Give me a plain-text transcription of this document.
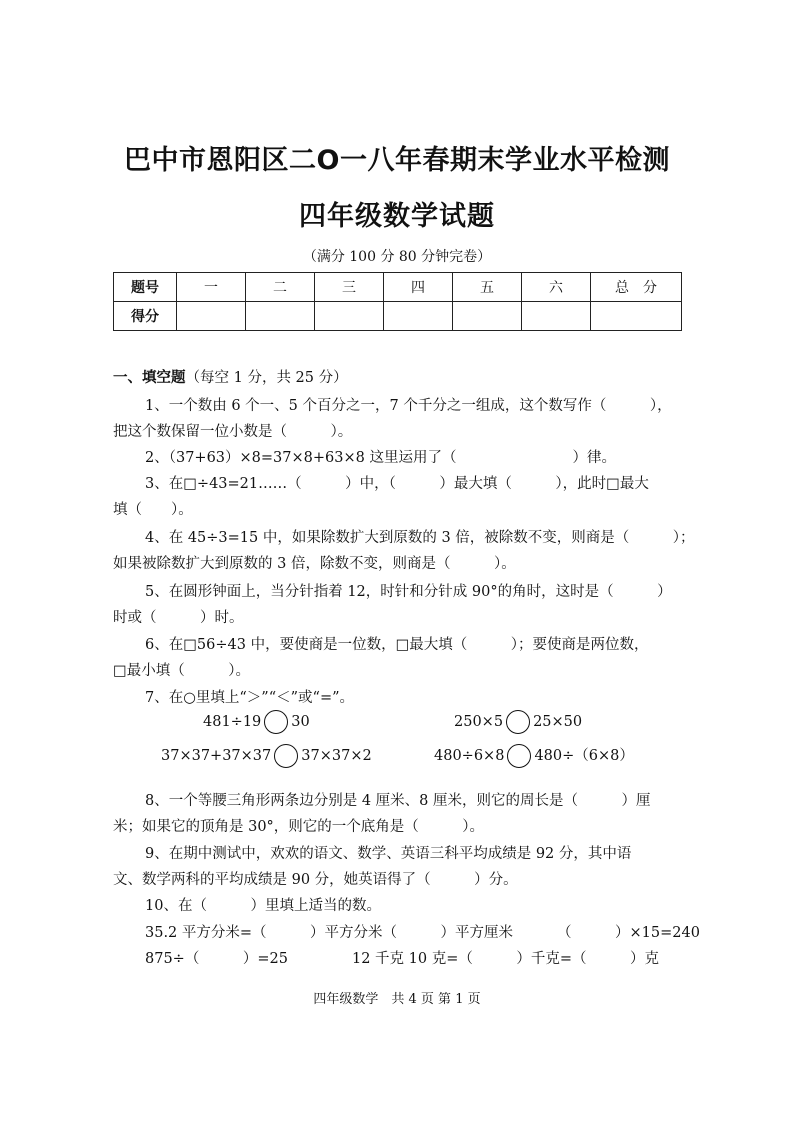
巴中市恩阳区二O一八年春期末学业水平检测
四年级数学试题
（满分 100 分 80 分钟完卷）
题号	一	二	三	四	五	六	总　分
得分							
一、填空题（每空 1 分，共 25 分）
1、一个数由 6 个一、5 个百分之一，7 个千分之一组成，这个数写作（　　　），
把这个数保留一位小数是（　　　）。
2、（37+63）×8=37×8+63×8 这里运用了（　　　　　　　　）律。
3、在□÷43=21……（　　　）中，（　　　）最大填（　　　），此时□最大
填（　　）。
4、在 45÷3=15 中，如果除数扩大到原数的 3 倍，被除数不变，则商是（　　　）；
如果被除数扩大到原数的 3 倍，除数不变，则商是（　　　）。
5、在圆形钟面上，当分针指着 12，时针和分针成 90°的角时，这时是（　　　）
时或（　　　）时。
6、在□56÷43 中，要使商是一位数，□最大填（　　　）；要使商是两位数，
□最小填（　　　）。
7、在○里填上“＞”“＜”或“=”。
481÷19 30	250×5 25×50
37×37+37×37 37×37×2	480÷6×8 480÷（6×8）
8、一个等腰三角形两条边分别是 4 厘米、8 厘米，则它的周长是（　　　）厘
米；如果它的顶角是 30°，则它的一个底角是（　　　）。
9、在期中测试中，欢欢的语文、数学、英语三科平均成绩是 92 分，其中语
文、数学两科的平均成绩是 90 分，她英语得了（　　　）分。
10、在（　　　）里填上适当的数。
35.2 平方分米=（　　　）平方分米（　　　）平方厘米	（　　　）×15=240
875÷（　　　）=25	12 千克 10 克=（　　　）千克=（　　　）克
四年级数学　共 4 页 第 1 页
